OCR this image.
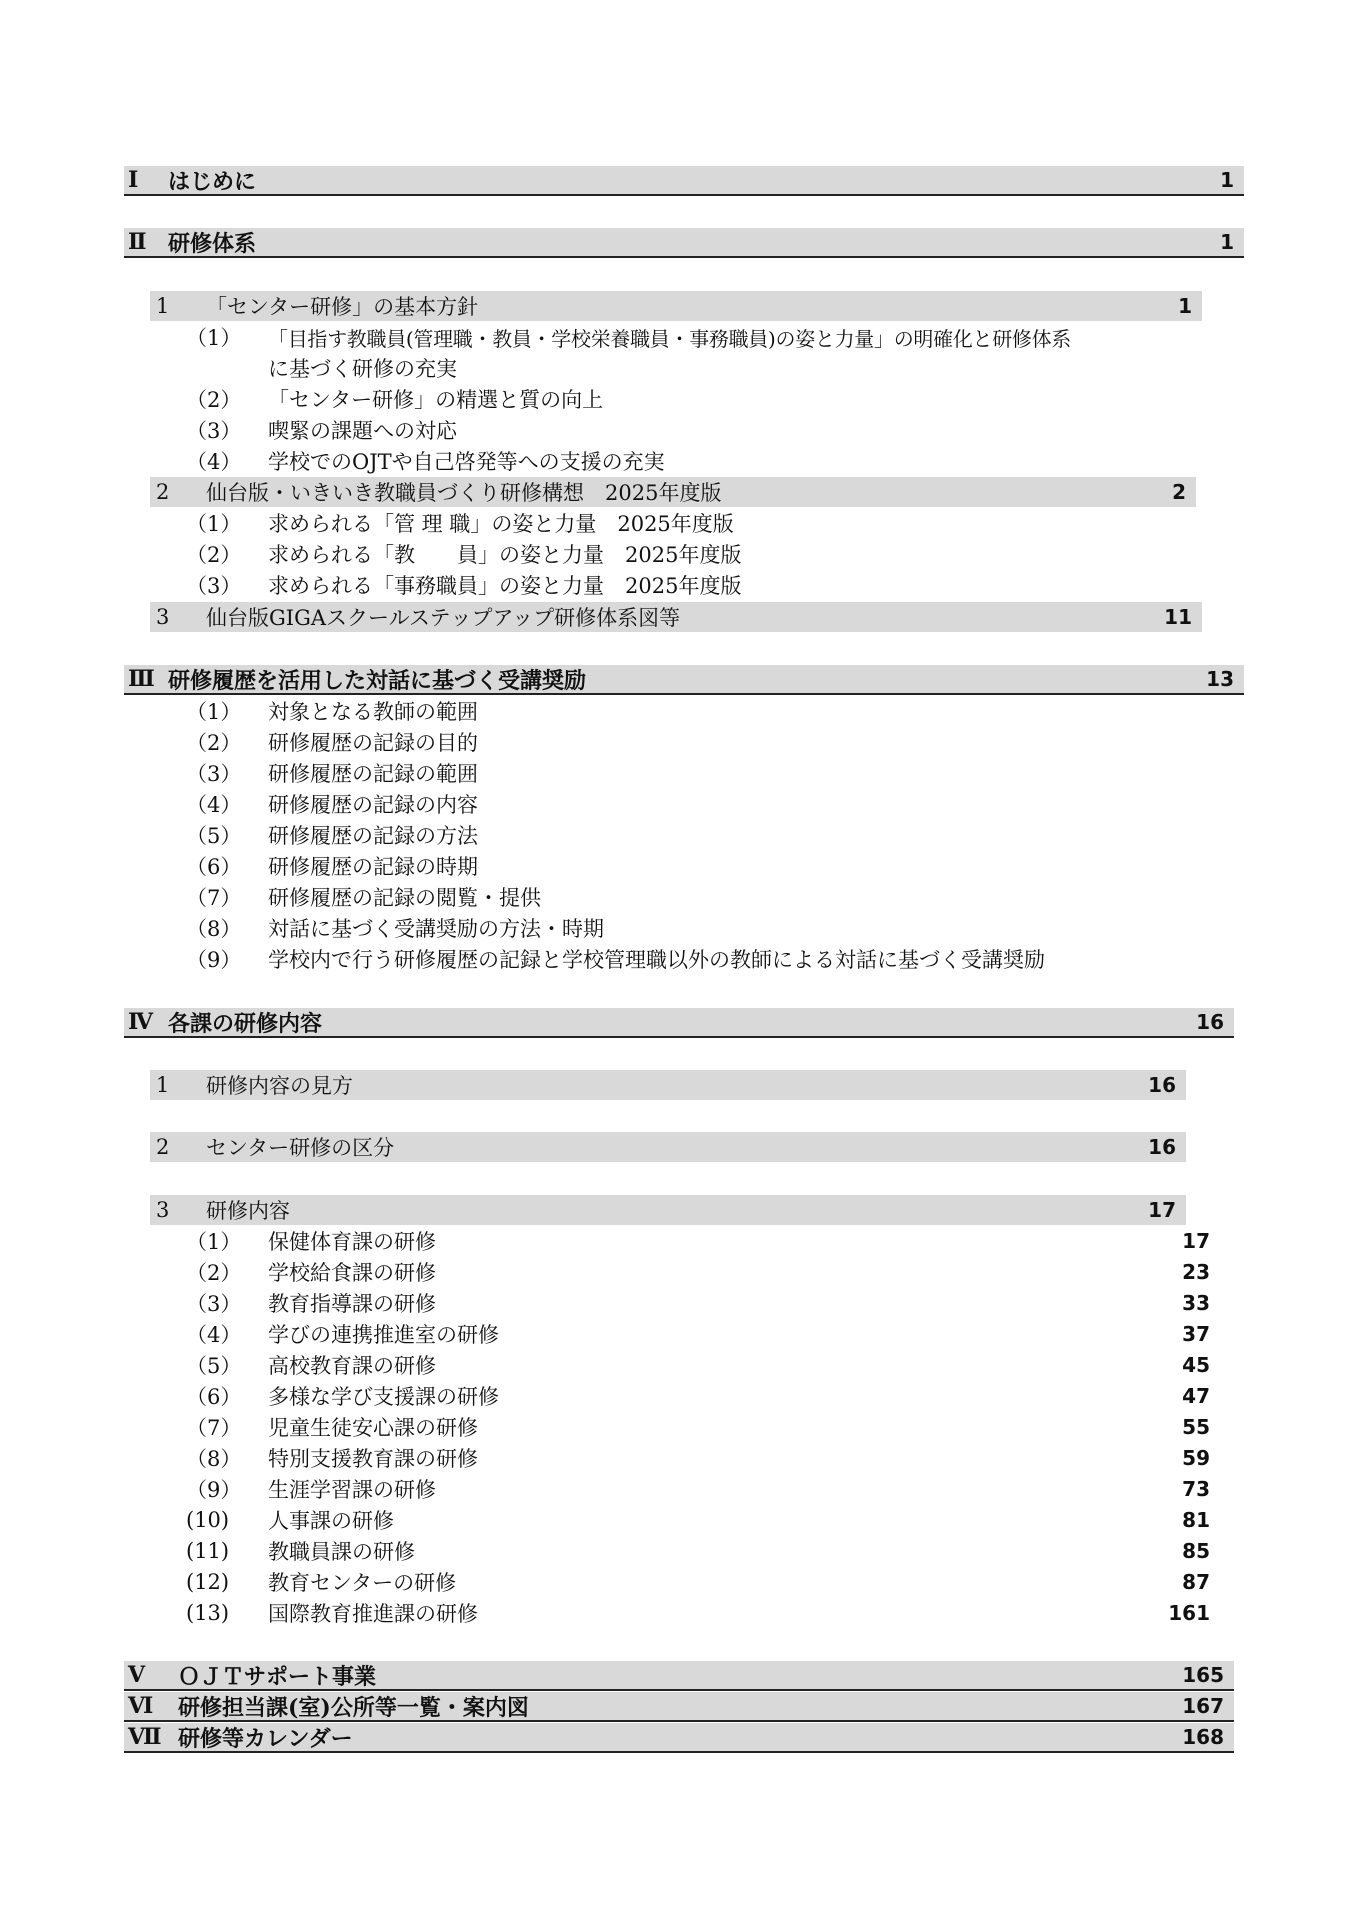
Ⅰ	はじめに	1
Ⅱ 研修体系	1
1	「センター研修」の基本方針	1
（1）	「目指す教職員(管理職・教員・学校栄養職員・事務職員)の姿と力量」の明確化と研修体系
に基づく研修の充実
（2）	「センター研修」の精選と質の向上
（3）	喫緊の課題への対応
（4）	学校でのOJTや自己啓発等への支援の充実
2	仙台版・いきいき教職員づくり研修構想　2025年度版	2
（1）	求められる「管 理 職」の姿と力量　2025年度版
（2）	求められる「教　　員」の姿と力量　2025年度版
（3）	求められる「事務職員」の姿と力量　2025年度版
3	仙台版GIGAスクールステップアップ研修体系図等	11
Ⅲ 研修履歴を活用した対話に基づく受講奨励	13
（1）	対象となる教師の範囲
（2）	研修履歴の記録の目的
（3）	研修履歴の記録の範囲
（4）	研修履歴の記録の内容
（5）	研修履歴の記録の方法
（6）	研修履歴の記録の時期
（7）	研修履歴の記録の閲覧・提供
（8）	対話に基づく受講奨励の方法・時期
（9）	学校内で行う研修履歴の記録と学校管理職以外の教師による対話に基づく受講奨励
Ⅳ 各課の研修内容	16
1	研修内容の見方	16
2	センター研修の区分	16
3	研修内容	17
（1）	保健体育課の研修	17
（2）	学校給食課の研修	23
（3）	教育指導課の研修	33
（4）	学びの連携推進室の研修	37
（5）	高校教育課の研修	45
（6）	多様な学び支援課の研修	47
（7）	児童生徒安心課の研修	55
（8）	特別支援教育課の研修	59
（9）	生涯学習課の研修	73
(10)	人事課の研修	81
(11)	教職員課の研修	85
(12)	教育センターの研修	87
(13)	国際教育推進課の研修	161
Ⅴ	ＯＪＴサポート事業	165
Ⅵ	研修担当課(室)公所等一覧・案内図	167
Ⅶ 研修等カレンダー	168
